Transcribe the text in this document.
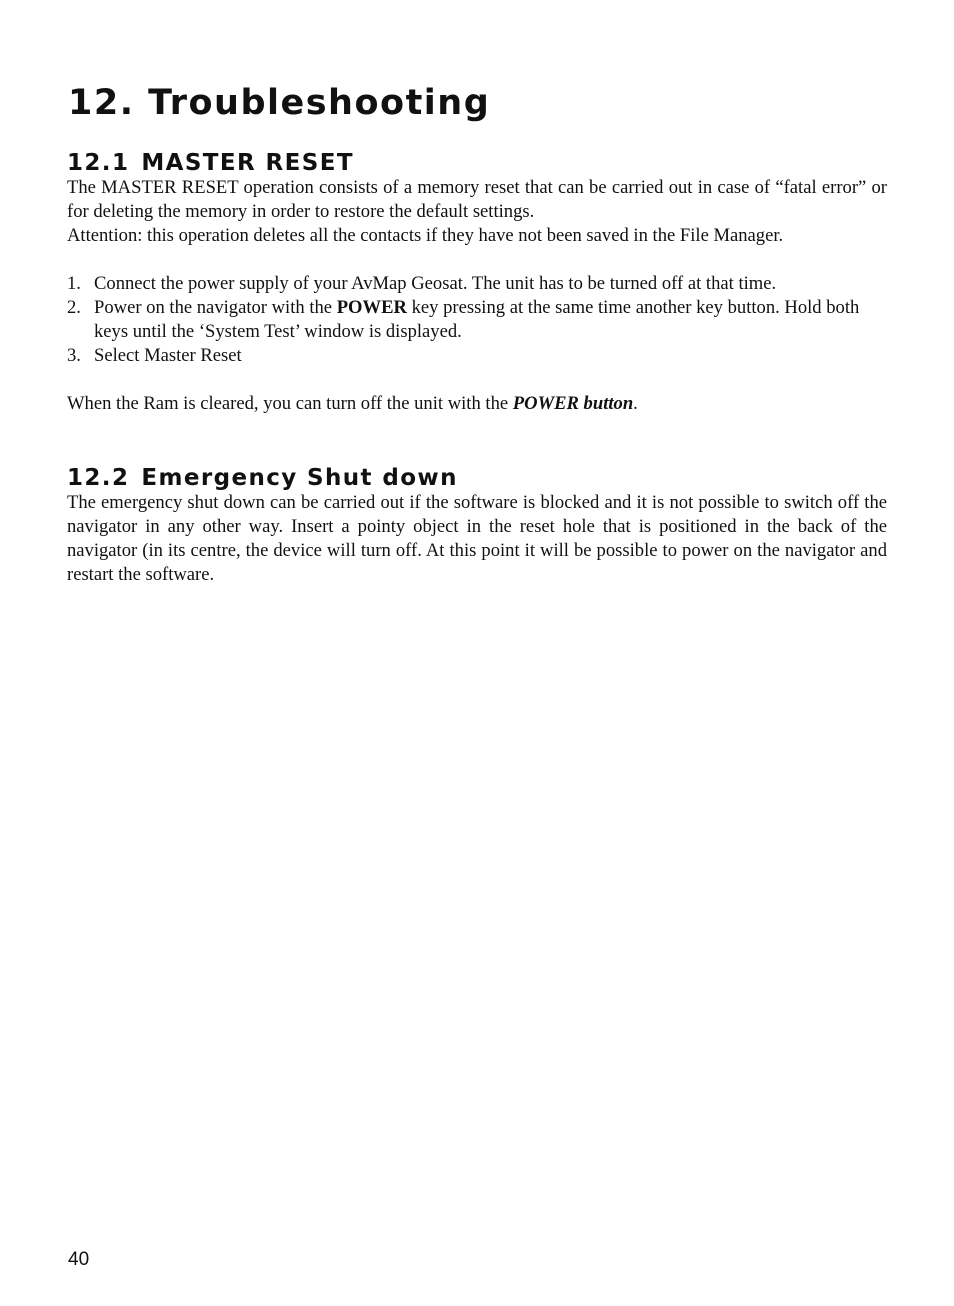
12. Troubleshooting
12.1 MASTER RESET

The MASTER RESET operation consists of a memory reset that can be carried out in case of “fatal error” or for deleting the memory in order to restore the default settings.

Attention: this operation deletes all the contacts if they have not been saved in the File Manager.

1. Connect the power supply of your AvMap Geosat. The unit has to be turned off at that time.
2. Power on the navigator with the POWER key pressing at the same time another key button. Hold both keys until the ‘System Test’ window is displayed.
3. Select Master Reset

When the Ram is cleared, you can turn off the unit with the POWER button.

12.2 Emergency Shut down

The emergency shut down can be carried out if the software is blocked and it is not possible to switch off the navigator in any other way. Insert a pointy object in the reset hole that is positioned in the back of the navigator (in its centre, the device will turn off. At this point it will be possible to power on the navigator and restart the software.

40
